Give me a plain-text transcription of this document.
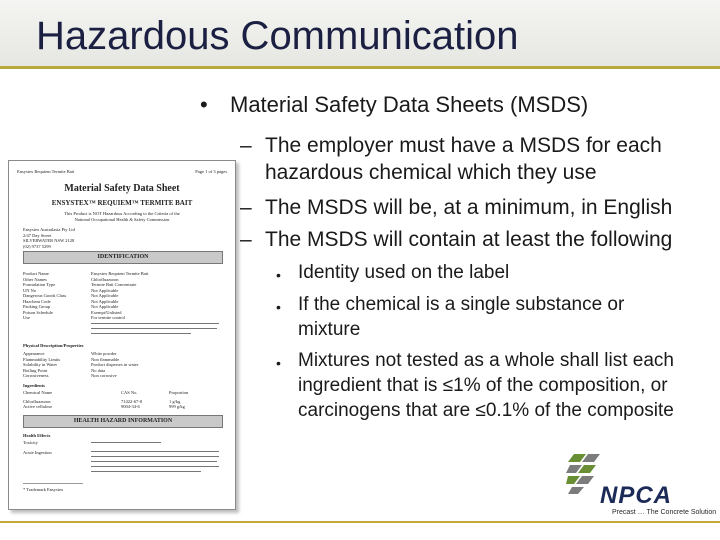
Hazardous Communication
• Material Safety Data Sheets (MSDS)
– The employer must have a MSDS for each
hazardous chemical which they use
– The MSDS will be, at a minimum, in English
– The MSDS will contain at least the following
• Identity used on the label
• If the chemical is a single substance or
mixture
• Mixtures not tested as a whole shall list each
ingredient that is ≤1% of the composition, or
carcinogens that are ≤0.1% of the composite
Ensystex Requiem Termite Bait	Page 1 of 3 pages
Material Safety Data Sheet
ENSYSTEX™ REQUIEM™ TERMITE BAIT
This Product is NOT Hazardous According to the Criteria of the
National Occupational Health & Safety Commission
Ensystex Australasia Pty Ltd
2/47 Day Street
SILVERWATER NSW 2128
(02) 9737 5299
IDENTIFICATION
Product Name
Other Names
Formulation Type
UN No
Dangerous Goods Class
Hazchem Code
Packing Group
Poison Schedule
Use
Ensystex Requiem Termite Bait
Chlorfluazuron
Termite Bait Concentrate
Not Applicable
Not Applicable
Not Applicable
Not Applicable
Exempt/Unlisted
For termite control
Physical Description/Properties
Appearance
Flammability Limits
Solubility in Water
Boiling Point
Corrosiveness
White powder
Non flammable
Product disperses in water
No data
Non corrosive
Ingredients
Chemical Name
Chlorfluazuron
Active cellulose
CAS No.
71422-67-8
9004-34-6
Proportion
1 g/kg
999 g/kg
HEALTH HAZARD INFORMATION
Health Effects
Toxicity
Acute Ingestion
* Trademark Ensystex	NPCA
Precast … The Concrete Solution
